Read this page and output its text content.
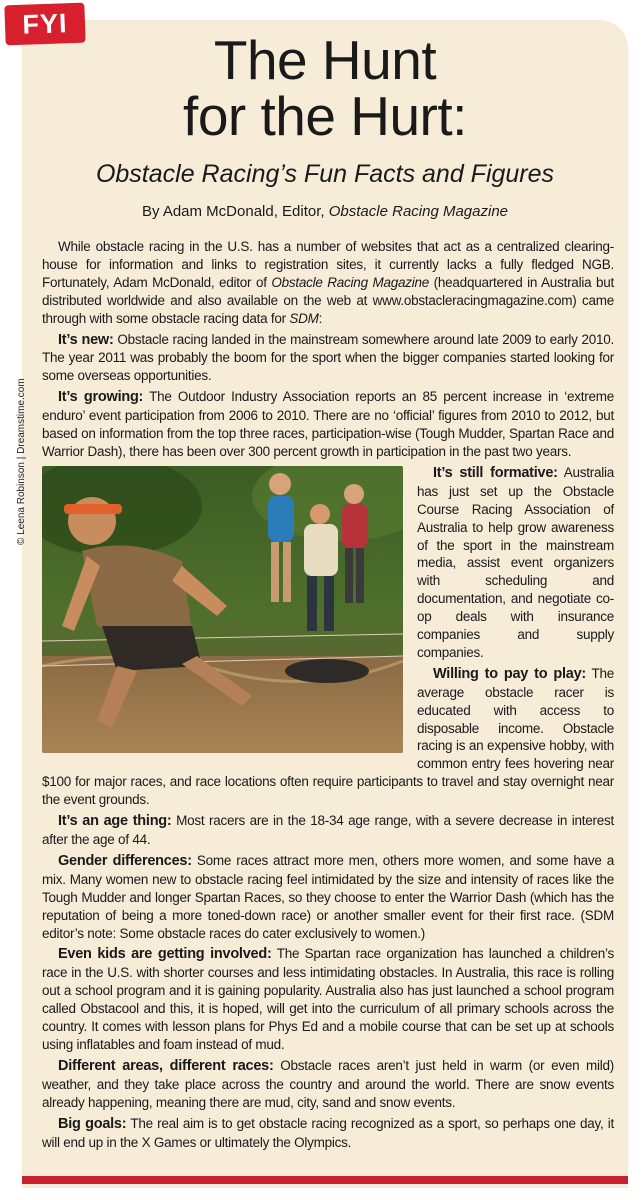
FYI
The Hunt
for the Hurt:

Obstacle Racing’s Fun Facts and Figures

By Adam McDonald, Editor, Obstacle Racing Magazine

© Leena Robinson | Dreamstime.com

While obstacle racing in the U.S. has a number of websites that act as a centralized clearing-house for information and links to registration sites, it currently lacks a fully fledged NGB. Fortunately, Adam McDonald, editor of Obstacle Racing Magazine (headquartered in Australia but distributed worldwide and also available on the web at www.obstacleracingmagazine.com) came through with some obstacle racing data for SDM:

It’s new: Obstacle racing landed in the mainstream somewhere around late 2009 to early 2010. The year 2011 was probably the boom for the sport when the bigger companies started looking for some overseas opportunities.

It’s growing: The Outdoor Industry Association reports an 85 percent increase in ‘extreme enduro’ event participation from 2006 to 2010. There are no ‘official’ figures from 2010 to 2012, but based on information from the top three races, participation-wise (Tough Mudder, Spartan Race and Warrior Dash), there has been over 300 percent growth in participation in the past two years.

It’s still formative: Australia has just set up the Obstacle Course Racing Association of Australia to help grow awareness of the sport in the mainstream media, assist event organizers with scheduling and documentation, and negotiate co-op deals with insurance companies and supply companies.

Willing to pay to play: The average obstacle racer is educated with access to disposable income. Obstacle racing is an expensive hobby, with common entry fees hovering near $100 for major races, and race locations often require participants to travel and stay overnight near the event grounds.

It’s an age thing: Most racers are in the 18-34 age range, with a severe decrease in interest after the age of 44.

Gender differences: Some races attract more men, others more women, and some have a mix. Many women new to obstacle racing feel intimidated by the size and intensity of races like the Tough Mudder and longer Spartan Races, so they choose to enter the Warrior Dash (which has the reputation of being a more toned-down race) or another smaller event for their first race. (SDM editor’s note: Some obstacle races do cater exclusively to women.)

Even kids are getting involved: The Spartan race organization has launched a children’s race in the U.S. with shorter courses and less intimidating obstacles. In Australia, this race is rolling out a school program and it is gaining popularity. Australia also has just launched a school program called Obstacool and this, it is hoped, will get into the curriculum of all primary schools across the country. It comes with lesson plans for Phys Ed and a mobile course that can be set up at schools using inflatables and foam instead of mud.

Different areas, different races: Obstacle races aren’t just held in warm (or even mild) weather, and they take place across the country and around the world. There are snow events already happening, meaning there are mud, city, sand and snow events.

Big goals: The real aim is to get obstacle racing recognized as a sport, so perhaps one day, it will end up in the X Games or ultimately the Olympics.
